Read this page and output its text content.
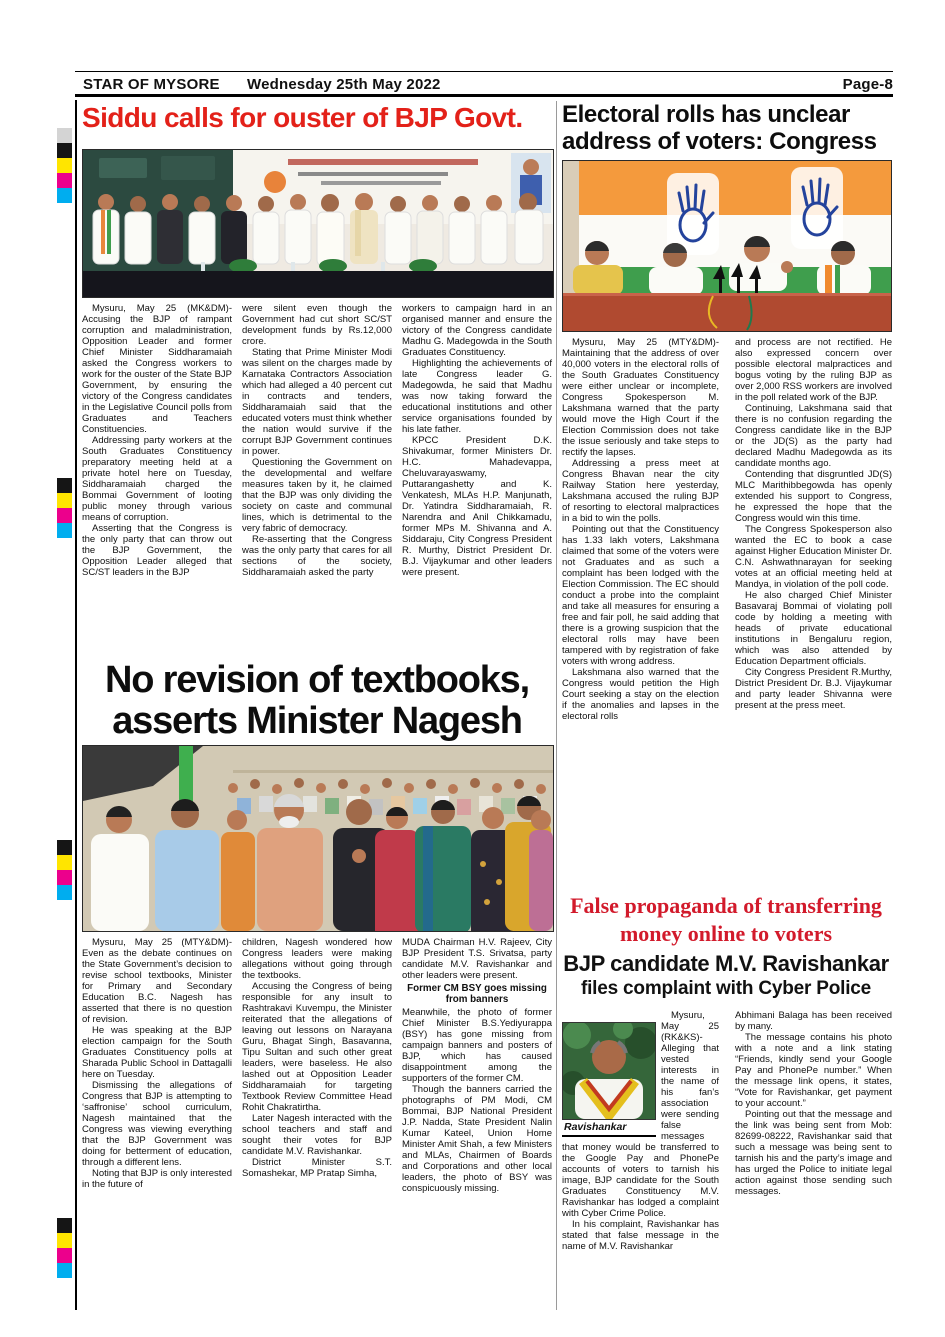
STAR OF MYSORE Wednesday 25th May 2022	Page-8
Siddu calls for ouster of BJP Govt.

Mysuru, May 25 (MK&DM)- Accusing the BJP of rampant corruption and maladministration, Opposition Leader and former Chief Minister Siddharamaiah asked the Congress workers to work for the ouster of the State BJP Government, by ensuring the victory of the Congress candidates in the Legislative Council polls from Graduates and Teachers Constituencies.

Addressing party workers at the South Graduates Constituency preparatory meeting held at a private hotel here on Tuesday, Siddharamaiah charged the Bommai Government of looting public money through various means of corruption.

Asserting that the Congress is the only party that can throw out the BJP Government, the Opposition Leader alleged that SC/ST leaders in the BJP

were silent even though the Government had cut short SC/ST development funds by Rs.12,000 crore.

Stating that Prime Minister Modi was silent on the charges made by Karnataka Contractors Association which had alleged a 40 percent cut in contracts and tenders, Siddharamaiah said that the educated voters must think whether the nation would survive if the corrupt BJP Government continues in power.

Questioning the Government on the developmental and welfare measures taken by it, he claimed that the BJP was only dividing the society on caste and communal lines, which is detrimental to the very fabric of democracy.

Re-asserting that the Congress was the only party that cares for all sections of the society, Siddharamaiah asked the party

workers to campaign hard in an organised manner and ensure the victory of the Congress candidate Madhu G. Madegowda in the South Graduates Constituency.

Highlighting the achievements of late Congress leader G. Madegowda, he said that Madhu was now taking forward the educational institutions and other service organisations founded by his late father.

KPCC President D.K. Shivakumar, former Ministers Dr. H.C. Mahadevappa, Cheluvarayaswamy, Puttarangashetty and K. Venkatesh, MLAs H.P. Manjunath, Dr. Yatindra Siddharamaiah, R. Narendra and Anil Chikkamadu, former MPs M. Shivanna and A. Siddaraju, City Congress President R. Murthy, District President Dr. B.J. Vijaykumar and other leaders were present.

Electoral rolls has unclear address of voters: Congress

Mysuru, May 25 (MTY&DM)- Maintaining that the address of over 40,000 voters in the electoral rolls of the South Graduates Constituency were either unclear or incomplete, Congress Spokesperson M. Lakshmana warned that the party would move the High Court if the Election Commission does not take the issue seriously and take steps to rectify the lapses.

Addressing a press meet at Congress Bhavan near the city Railway Station here yesterday, Lakshmana accused the ruling BJP of resorting to electoral malpractices in a bid to win the polls.

Pointing out that the Constituency has 1.33 lakh voters, Lakshmana claimed that some of the voters were not Graduates and as such a complaint has been lodged with the Election Commission. The EC should conduct a probe into the complaint and take all measures for ensuring a free and fair poll, he said adding that there is a growing suspicion that the electoral rolls may have been tampered with by registration of fake voters with wrong address.

Lakshmana also warned that the Congress would petition the High Court seeking a stay on the election if the anomalies and lapses in the electoral rolls

and process are not rectified. He also expressed concern over possible electoral malpractices and bogus voting by the ruling BJP as over 2,000 RSS workers are involved in the poll related work of the BJP.

Continuing, Lakshmana said that there is no confusion regarding the Congress candidate like in the BJP or the JD(S) as the party had declared Madhu Madegowda as its candidate months ago.

Contending that disgruntled JD(S) MLC Marithibbegowda has openly extended his support to Congress, he expressed the hope that the Congress would win this time.

The Congress Spokesperson also wanted the EC to book a case against Higher Education Minister Dr. C.N. Ashwathnarayan for seeking votes at an official meeting held at Mandya, in violation of the poll code.

He also charged Chief Minister Basavaraj Bommai of violating poll code by holding a meeting with heads of private educational institutions in Bengaluru region, which was also attended by Education Department officials.

City Congress President R.Murthy, District President Dr. B.J. Vijaykumar and party leader Shivanna were present at the press meet.

No revision of textbooks, asserts Minister Nagesh

Mysuru, May 25 (MTY&DM)- Even as the debate continues on the State Government’s decision to revise school textbooks, Minister for Primary and Secondary Education B.C. Nagesh has asserted that there is no question of revision.

He was speaking at the BJP election campaign for the South Graduates Constituency polls at Sharada Public School in Dattagalli here on Tuesday.

Dismissing the allegations of Congress that BJP is attempting to ‘saffronise’ school curriculum, Nagesh maintained that the Congress was viewing everything that the BJP Government was doing for betterment of education, through a different lens.

Noting that BJP is only interested in the future of

children, Nagesh wondered how Congress leaders were making allegations without going through the textbooks.

Accusing the Congress of being responsible for any insult to Rashtrakavi Kuvempu, the Minister reiterated that the allegations of leaving out lessons on Narayana Guru, Bhagat Singh, Basavanna, Tipu Sultan and such other great leaders, were baseless. He also lashed out at Opposition Leader Siddharamaiah for targeting Textbook Review Committee Head Rohit Chakratirtha.

Later Nagesh interacted with the school teachers and staff and sought their votes for BJP candidate M.V. Ravishankar.

District Minister S.T. Somashekar, MP Pratap Simha,

MUDA Chairman H.V. Rajeev, City BJP President T.S. Srivatsa, party candidate M.V. Ravishankar and other leaders were present.

Former CM BSY goes missing from banners

Meanwhile, the photo of former Chief Minister B.S.Yediyurappa (BSY) has gone missing from campaign banners and posters of BJP, which has caused disappointment among the supporters of the former CM.

Though the banners carried the photographs of PM Modi, CM Bommai, BJP National President J.P. Nadda, State President Nalin Kumar Kateel, Union Home Minister Amit Shah, a few Ministers and MLAs, Chairmen of Boards and Corporations and other local leaders, the photo of BSY was conspicuously missing.

False propaganda of transferring money online to voters
BJP candidate M.V. Ravishankar
files complaint with Cyber Police
Ravishankar

Mysuru, May 25 (RK&KS)- Alleging that vested interests in the name of his fan’s association were sending false messages that money would be transferred to the Google Pay and PhonePe accounts of voters to tarnish his image, BJP candidate for the South Graduates Constituency M.V. Ravishankar has lodged a complaint with Cyber Crime Police.

In his complaint, Ravishankar has stated that false message in the name of M.V. Ravishankar

Abhimani Balaga has been received by many.

The message contains his photo with a note and a link stating “Friends, kindly send your Google Pay and PhonePe number.” When the message link opens, it states, “Vote for Ravishankar, get payment to your account.”

Pointing out that the message and the link was being sent from Mob: 82699-08222, Ravishankar said that such a message was being sent to tarnish his and the party’s image and has urged the Police to initiate legal action against those sending such messages.
